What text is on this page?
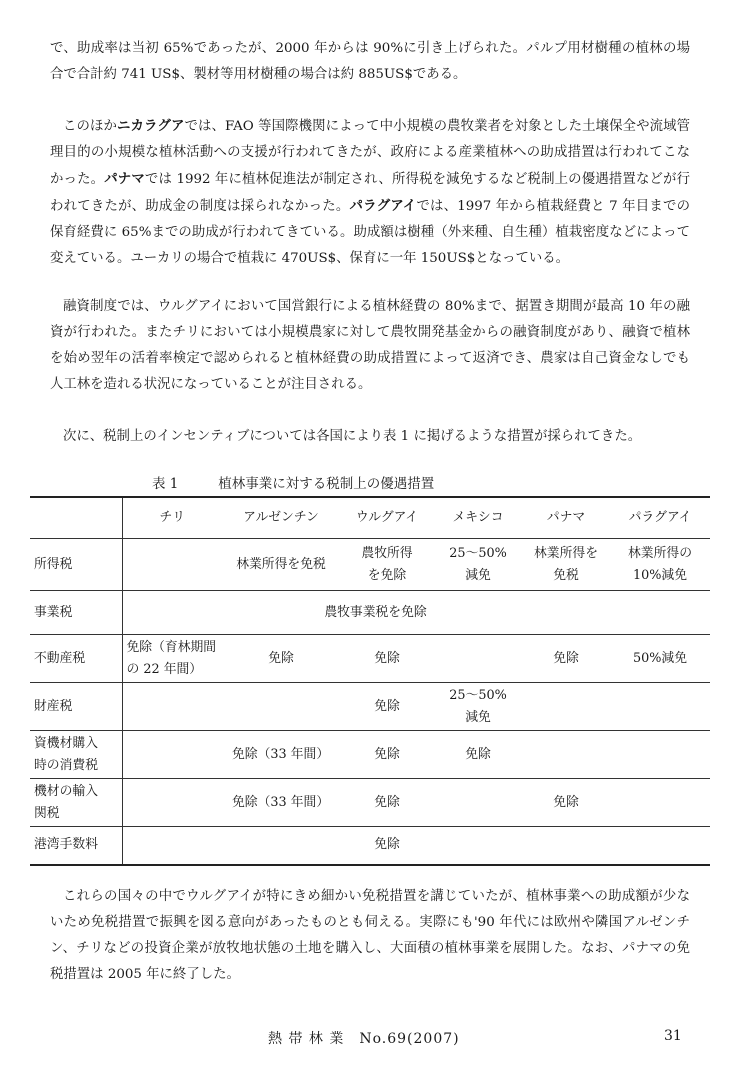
で、助成率は当初 65%であったが、2000 年からは 90%に引き上げられた。パルプ用材樹種の植林の場合で合計約 741 US$、製材等用材樹種の場合は約 885US$である。

このほかニカラグアでは、FAO 等国際機関によって中小規模の農牧業者を対象とした土壌保全や流域管理目的の小規模な植林活動への支援が行われてきたが、政府による産業植林への助成措置は行われてこなかった。パナマでは 1992 年に植林促進法が制定され、所得税を減免するなど税制上の優遇措置などが行われてきたが、助成金の制度は採られなかった。パラグアイでは、1997 年から植栽経費と 7 年目までの保育経費に 65%までの助成が行われてきている。助成額は樹種（外来種、自生種）植栽密度などによって変えている。ユーカリの場合で植栽に 470US$、保育に一年 150US$となっている。

融資制度では、ウルグアイにおいて国営銀行による植林経費の 80%まで、据置き期間が最高 10 年の融資が行われた。またチリにおいては小規模農家に対して農牧開発基金からの融資制度があり、融資で植林を始め翌年の活着率検定で認められると植林経費の助成措置によって返済でき、農家は自己資金なしでも人工林を造れる状況になっていることが注目される。

次に、税制上のインセンティブについては各国により表 1 に掲げるような措置が採られてきた。

表 1	植林事業に対する税制上の優遇措置
	チリ	アルゼンチン	ウルグアイ	メキシコ	パナマ	パラグアイ
所得税		林業所得を免税	農牧所得を免除	25～50%減免	林業所得を免税	林業所得の10%減免
事業税	農牧事業税を免除					

不動産税	免除（育林期間の 22 年間）	免除	免除		免除	50%減免
財産税			免除	25～50%減免		
資機材購入
時の消費税		免除（33 年間）	免除	免除		
機材の輸入
関税		免除（33 年間）	免除		免除	
港湾手数料			免除			

これらの国々の中でウルグアイが特にきめ細かい免税措置を講じていたが、植林事業への助成額が少ないため免税措置で振興を図る意向があったものとも伺える。実際にも'90 年代には欧州や隣国アルゼンチン、チリなどの投資企業が放牧地状態の土地を購入し、大面積の植林事業を展開した。なお、パナマの免税措置は 2005 年に終了した。

熱 帯 林 業　No.69(2007)	31
